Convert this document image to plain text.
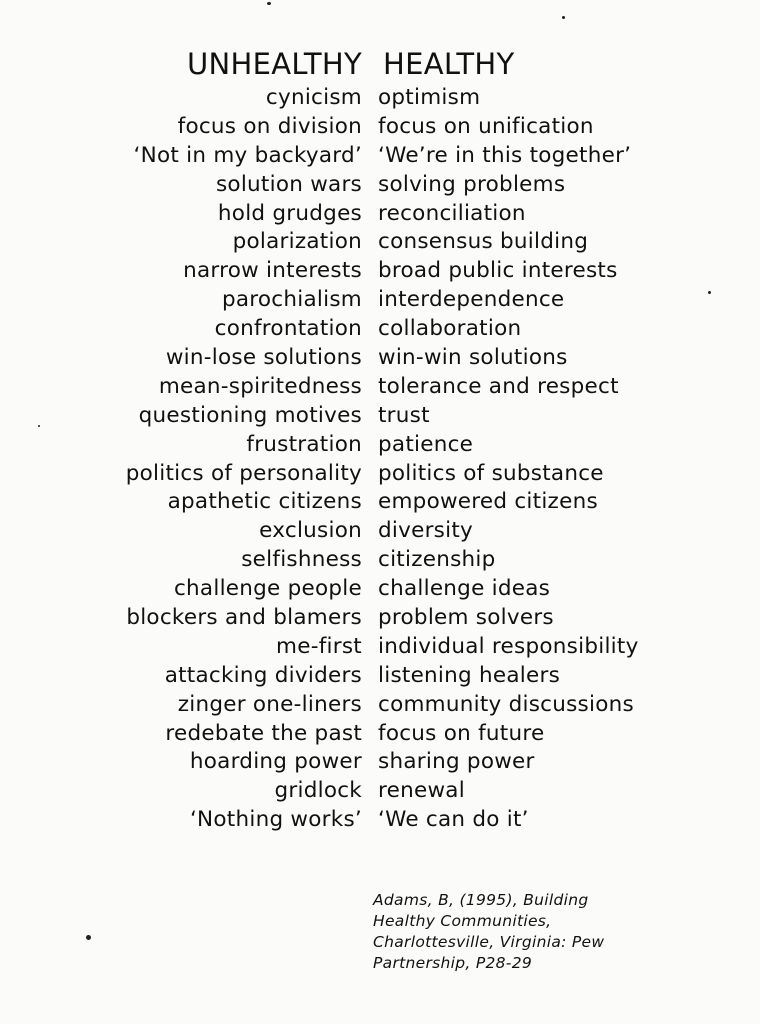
UNHEALTHY HEALTHY
cynicism optimism
focus on division focus on unification
‘Not in my backyard’ ‘We’re in this together’
solution wars solving problems
hold grudges reconciliation
polarization consensus building
narrow interests broad public interests
parochialism interdependence
confrontation collaboration
win-lose solutions win-win solutions
mean-spiritedness tolerance and respect
questioning motives trust
frustration patience
politics of personality politics of substance
apathetic citizens empowered citizens
exclusion diversity
selfishness citizenship
challenge people challenge ideas
blockers and blamers problem solvers
me-first individual responsibility
attacking dividers listening healers
zinger one-liners community discussions
redebate the past focus on future
hoarding power sharing power
gridlock renewal
‘Nothing works’ ‘We can do it’
Adams, B, (1995), Building
Healthy Communities,
Charlottesville, Virginia: Pew
Partnership, P28-29
